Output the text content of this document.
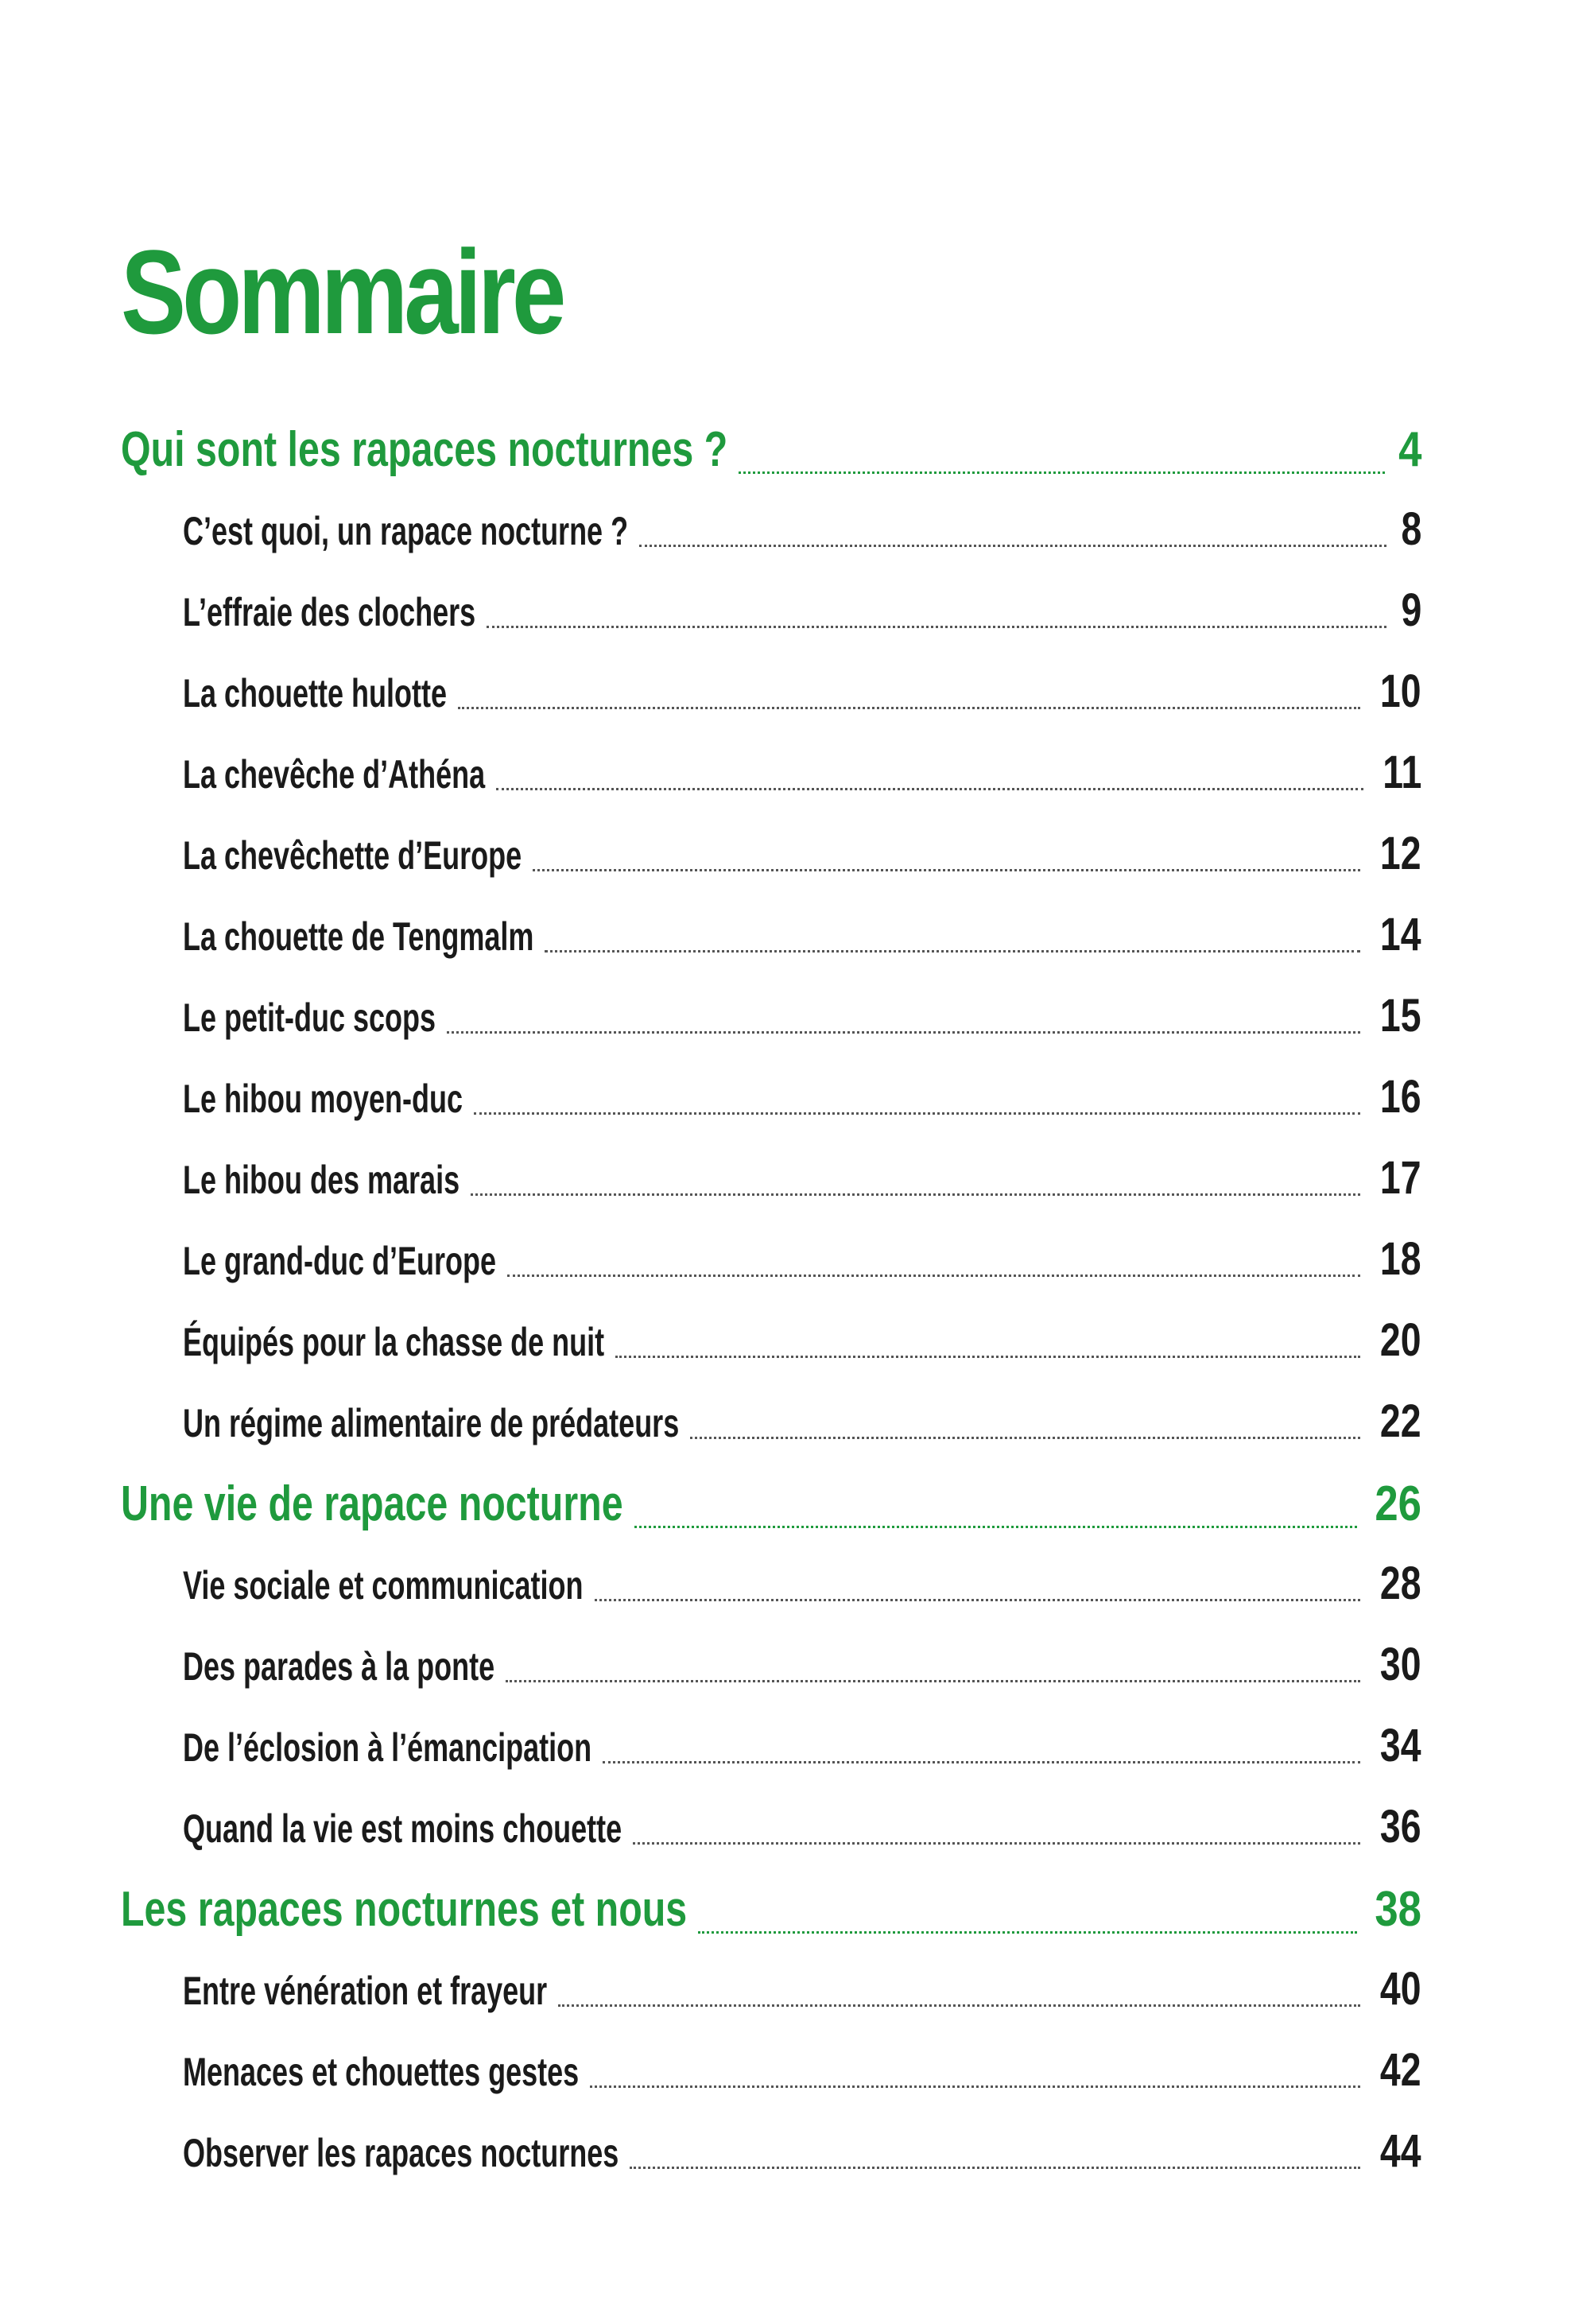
Sommaire
Qui sont les rapaces nocturnes ?	4
C’est quoi, un rapace nocturne ?	8
L’effraie des clochers	9
La chouette hulotte	10
La chevêche d’Athéna	11
La chevêchette d’Europe	12
La chouette de Tengmalm	14
Le petit-duc scops	15
Le hibou moyen-duc	16
Le hibou des marais	17
Le grand-duc d’Europe	18
Équipés pour la chasse de nuit	20
Un régime alimentaire de prédateurs	22
Une vie de rapace nocturne	26
Vie sociale et communication	28
Des parades à la ponte	30
De l’éclosion à l’émancipation	34
Quand la vie est moins chouette	36
Les rapaces nocturnes et nous	38
Entre vénération et frayeur	40
Menaces et chouettes gestes	42
Observer les rapaces nocturnes	44
